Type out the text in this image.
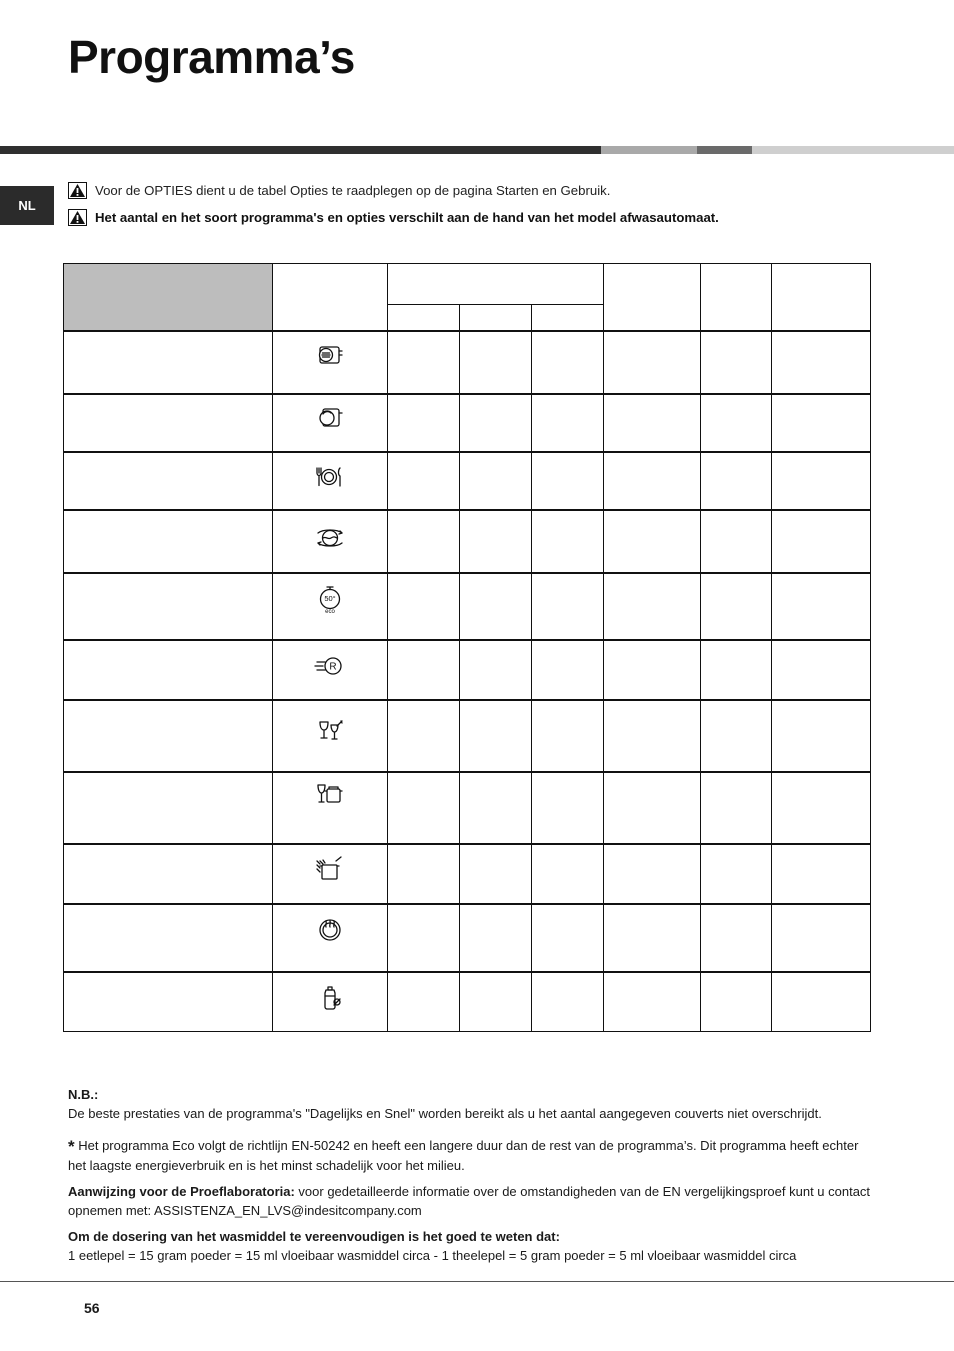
Programma’s
NL
Voor de OPTIES dient u de tabel Opties te raadplegen op de pagina Starten en Gebruik.
Het aantal en het soort programma's en opties verschilt aan de hand van het model afwasautomaat.

50°
eco						

R						

N.B.:

De beste prestaties van de programma's "Dagelijks en Snel" worden bereikt als u het aantal aangegeven couverts niet overschrijdt.

* Het programma Eco volgt de richtlijn EN-50242 en heeft een langere duur dan de rest van de programma’s. Dit programma heeft echter het laagste energieverbruik en is het minst schadelijk voor het milieu.

Aanwijzing voor de Proeflaboratoria: voor gedetailleerde informatie over de omstandigheden van de EN vergelijkingsproef kunt u contact opnemen met: ASSISTENZA_EN_LVS@indesitcompany.com

Om de dosering van het wasmiddel te vereenvoudigen is het goed te weten dat:

1 eetlepel = 15 gram poeder = 15 ml vloeibaar wasmiddel circa - 1 theelepel = 5 gram poeder = 5 ml vloeibaar wasmiddel circa

56
